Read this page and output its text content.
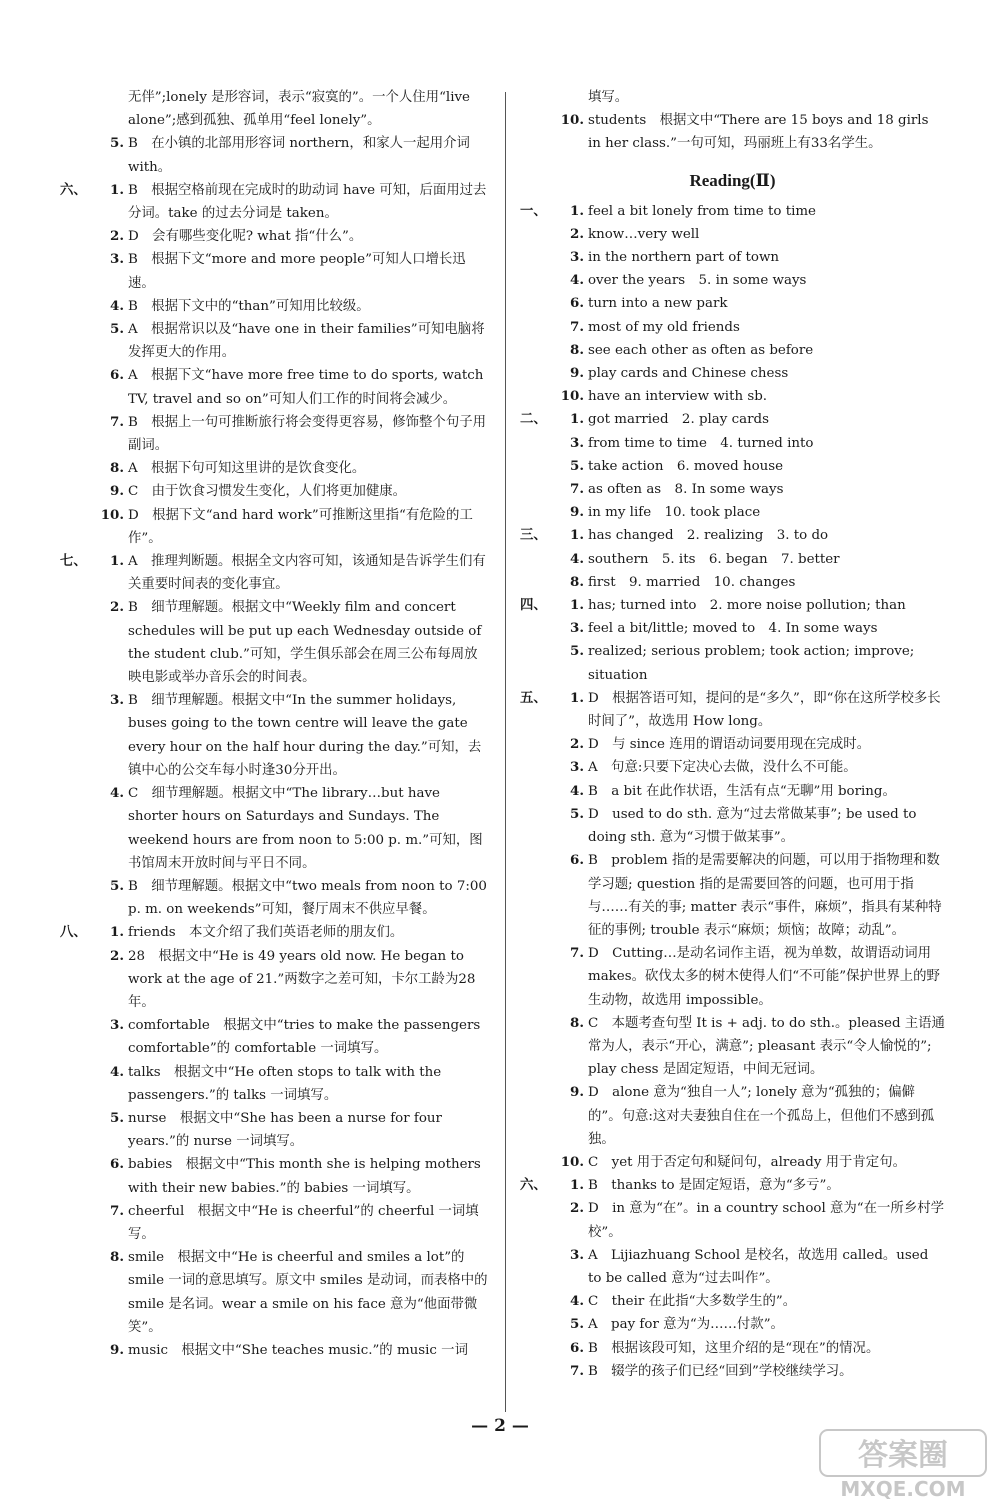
无伴”;lonely 是形容词，表示“寂寞的”。一个人住用“live alone”;感到孤独、孤单用“feel lonely”。
5. B　在小镇的北部用形容词 northern，和家人一起用介词 with。
六、	1. B　根据空格前现在完成时的助动词 have 可知，后面用过去分词。take 的过去分词是 taken。
2. D　会有哪些变化呢? what 指“什么”。
3. B　根据下文“more and more people”可知人口增长迅速。
4. B　根据下文中的“than”可知用比较级。
5. A　根据常识以及“have one in their families”可知电脑将发挥更大的作用。
6. A　根据下文“have more free time to do sports, watch TV, travel and so on”可知人们工作的时间将会减少。
7. B　根据上一句可推断旅行将会变得更容易，修饰整个句子用副词。
8. A　根据下句可知这里讲的是饮食变化。
9. C　由于饮食习惯发生变化，人们将更加健康。
10. D　根据下文“and hard work”可推断这里指“有危险的工作”。
七、	1. A　推理判断题。根据全文内容可知，该通知是告诉学生们有关重要时间表的变化事宜。
2. B　细节理解题。根据文中“Weekly film and concert schedules will be put up each Wednesday outside of the student club.”可知，学生俱乐部会在周三公布每周放映电影或举办音乐会的时间表。
3. B　细节理解题。根据文中“In the summer holidays, buses going to the town centre will leave the gate every hour on the half hour during the day.”可知，去镇中心的公交车每小时逢30分开出。
4. C　细节理解题。根据文中“The library…but have shorter hours on Saturdays and Sundays. The weekend hours are from noon to 5:00 p. m.”可知，图书馆周末开放时间与平日不同。
5. B　细节理解题。根据文中“two meals from noon to 7:00 p. m. on weekends”可知，餐厅周末不供应早餐。
八、	1. friends　本文介绍了我们英语老师的朋友们。
2. 28　根据文中“He is 49 years old now. He began to work at the age of 21.”两数字之差可知，卡尔工龄为28年。
3. comfortable　根据文中“tries to make the passengers comfortable”的 comfortable 一词填写。
4. talks　根据文中“He often stops to talk with the passengers.”的 talks 一词填写。
5. nurse　根据文中“She has been a nurse for four years.”的 nurse 一词填写。
6. babies　根据文中“This month she is helping mothers with their new babies.”的 babies 一词填写。
7. cheerful　根据文中“He is cheerful”的 cheerful 一词填写。
8. smile　根据文中“He is cheerful and smiles a lot”的 smile 一词的意思填写。原文中 smiles 是动词，而表格中的 smile 是名词。wear a smile on his face 意为“他面带微笑”。
9. music　根据文中“She teaches music.”的 music 一词
填写。
10. students　根据文中“There are 15 boys and 18 girls in her class.”一句可知，玛丽班上有33名学生。
Reading(Ⅱ)
一、	1. feel a bit lonely from time to time
2. know…very well
3. in the northern part of town
4. over the years　5. in some ways
6. turn into a new park
7. most of my old friends
8. see each other as often as before
9. play cards and Chinese chess
10. have an interview with sb.
二、	1. got married　2. play cards
3. from time to time　4. turned into
5. take action　6. moved house
7. as often as　8. In some ways
9. in my life　10. took place
三、	1. has changed　2. realizing　3. to do
4. southern　5. its　6. began　7. better
8. first　9. married　10. changes
四、	1. has; turned into　2. more noise pollution; than
3. feel a bit/little; moved to　4. In some ways
5. realized; serious problem; took action; improve; situation
五、	1. D　根据答语可知，提问的是“多久”，即“你在这所学校多长时间了”，故选用 How long。
2. D　与 since 连用的谓语动词要用现在完成时。
3. A　句意:只要下定决心去做，没什么不可能。
4. B　a bit 在此作状语，生活有点“无聊”用 boring。
5. D　used to do sth. 意为“过去常做某事”; be used to doing sth. 意为“习惯于做某事”。
6. B　problem 指的是需要解决的问题，可以用于指物理和数学习题; question 指的是需要回答的问题，也可用于指与……有关的事; matter 表示“事件，麻烦”，指具有某种特征的事例; trouble 表示“麻烦；烦恼；故障；动乱”。
7. D　Cutting…是动名词作主语，视为单数，故谓语动词用 makes。砍伐太多的树木使得人们“不可能”保护世界上的野生动物，故选用 impossible。
8. C　本题考查句型 It is + adj. to do sth.。pleased 主语通常为人，表示“开心，满意”; pleasant 表示“令人愉悦的”; play chess 是固定短语，中间无冠词。
9. D　alone 意为“独自一人”; lonely 意为“孤独的；偏僻的”。句意:这对夫妻独自住在一个孤岛上，但他们不感到孤独。
10. C　yet 用于否定句和疑问句，already 用于肯定句。
六、	1. B　thanks to 是固定短语，意为“多亏”。
2. D　in 意为“在”。in a country school 意为“在一所乡村学校”。
3. A　Lijiazhuang School 是校名，故选用 called。used to be called 意为“过去叫作”。
4. C　their 在此指“大多数学生的”。
5. A　pay for 意为“为……付款”。
6. B　根据该段可知，这里介绍的是“现在”的情况。
7. B　辍学的孩子们已经“回到”学校继续学习。
— 2 —
答案圈
MXQE.COM
